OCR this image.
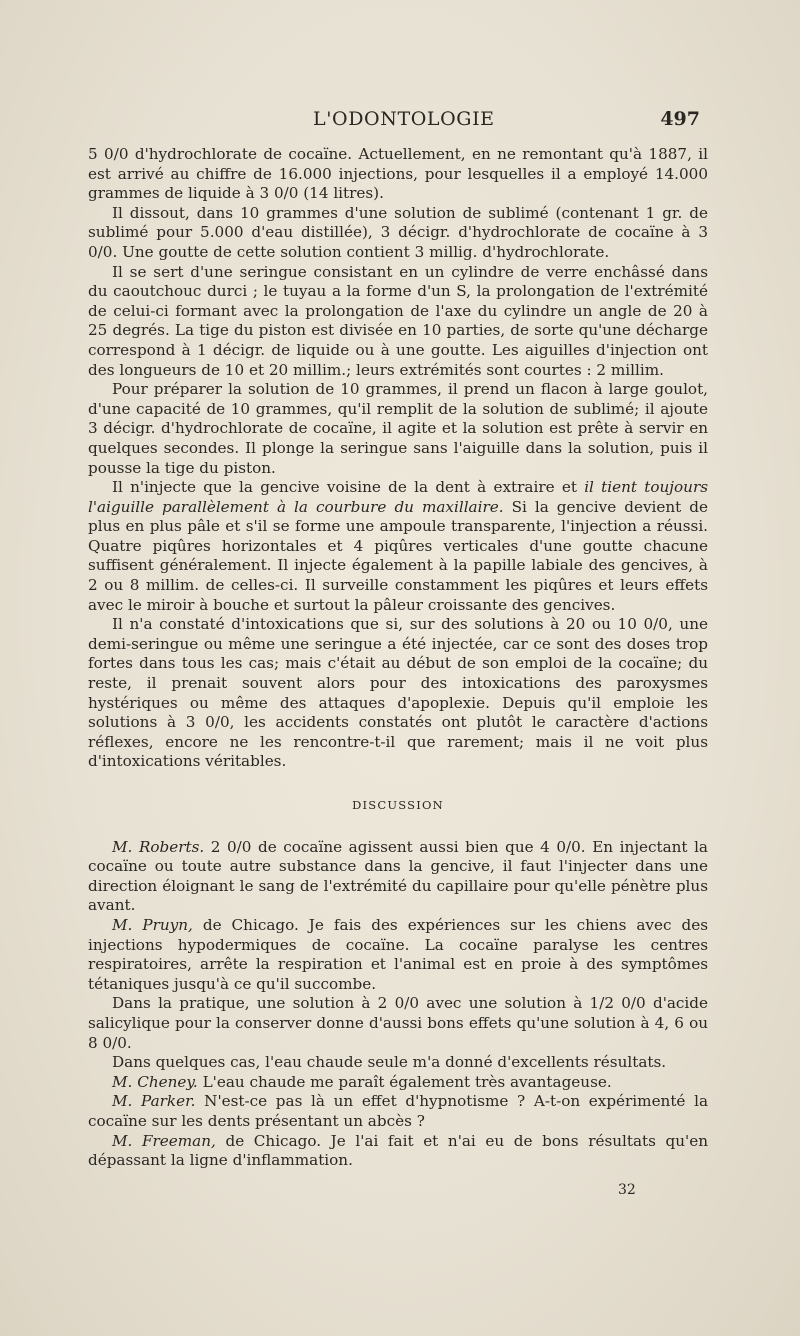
L'ODONTOLOGIE	497

5 0/0 d'hydrochlorate de cocaïne. Actuellement, en ne remontant qu'à 1887, il est arrivé au chiffre de 16.000 injections, pour lesquelles il a employé 14.000 grammes de liquide à 3 0/0 (14 litres).

Il dissout, dans 10 grammes d'une solution de sublimé (contenant 1 gr. de sublimé pour 5.000 d'eau distillée), 3 décigr. d'hydrochlorate de cocaïne à 3 0/0. Une goutte de cette solution contient 3 millig. d'hydrochlorate.

Il se sert d'une seringue consistant en un cylindre de verre enchâssé dans du caoutchouc durci ; le tuyau a la forme d'un S, la prolongation de l'extrémité de celui-ci formant avec la prolongation de l'axe du cylindre un angle de 20 à 25 degrés. La tige du piston est divisée en 10 parties, de sorte qu'une décharge correspond à 1 décigr. de liquide ou à une goutte. Les aiguilles d'injection ont des longueurs de 10 et 20 millim.; leurs extrémités sont courtes : 2 millim.

Pour préparer la solution de 10 grammes, il prend un flacon à large goulot, d'une capacité de 10 grammes, qu'il remplit de la solution de sublimé; il ajoute 3 décigr. d'hydrochlorate de cocaïne, il agite et la solution est prête à servir en quelques secondes. Il plonge la seringue sans l'aiguille dans la solution, puis il pousse la tige du piston.

Il n'injecte que la gencive voisine de la dent à extraire et il tient toujours l'aiguille parallèlement à la courbure du maxillaire. Si la gencive devient de plus en plus pâle et s'il se forme une ampoule transparente, l'injection a réussi. Quatre piqûres horizontales et 4 piqûres verticales d'une goutte chacune suffisent généralement. Il injecte également à la papille labiale des gencives, à 2 ou 8 millim. de celles-ci. Il surveille constamment les piqûres et leurs effets avec le miroir à bouche et surtout la pâleur croissante des gencives.

Il n'a constaté d'intoxications que si, sur des solutions à 20 ou 10 0/0, une demi-seringue ou même une seringue a été injectée, car ce sont des doses trop fortes dans tous les cas; mais c'était au début de son emploi de la cocaïne; du reste, il prenait souvent alors pour des intoxications des paroxysmes hystériques ou même des attaques d'apoplexie. Depuis qu'il emploie les solutions à 3 0/0, les accidents constatés ont plutôt le caractère d'actions réflexes, encore ne les rencontre-t-il que rarement; mais il ne voit plus d'intoxications véritables.

DISCUSSION

M. Roberts. 2 0/0 de cocaïne agissent aussi bien que 4 0/0. En injectant la cocaïne ou toute autre substance dans la gencive, il faut l'injecter dans une direction éloignant le sang de l'extrémité du capillaire pour qu'elle pénètre plus avant.

M. Pruyn, de Chicago. Je fais des expériences sur les chiens avec des injections hypodermiques de cocaïne. La cocaïne paralyse les centres respiratoires, arrête la respiration et l'animal est en proie à des symptômes tétaniques jusqu'à ce qu'il succombe.

Dans la pratique, une solution à 2 0/0 avec une solution à 1/2 0/0 d'acide salicylique pour la conserver donne d'aussi bons effets qu'une solution à 4, 6 ou 8 0/0.

Dans quelques cas, l'eau chaude seule m'a donné d'excellents résultats.

M. Cheney. L'eau chaude me paraît également très avantageuse.

M. Parker. N'est-ce pas là un effet d'hypnotisme ? A-t-on expérimenté la cocaïne sur les dents présentant un abcès ?

M. Freeman, de Chicago. Je l'ai fait et n'ai eu de bons résultats qu'en dépassant la ligne d'inflammation.

32
